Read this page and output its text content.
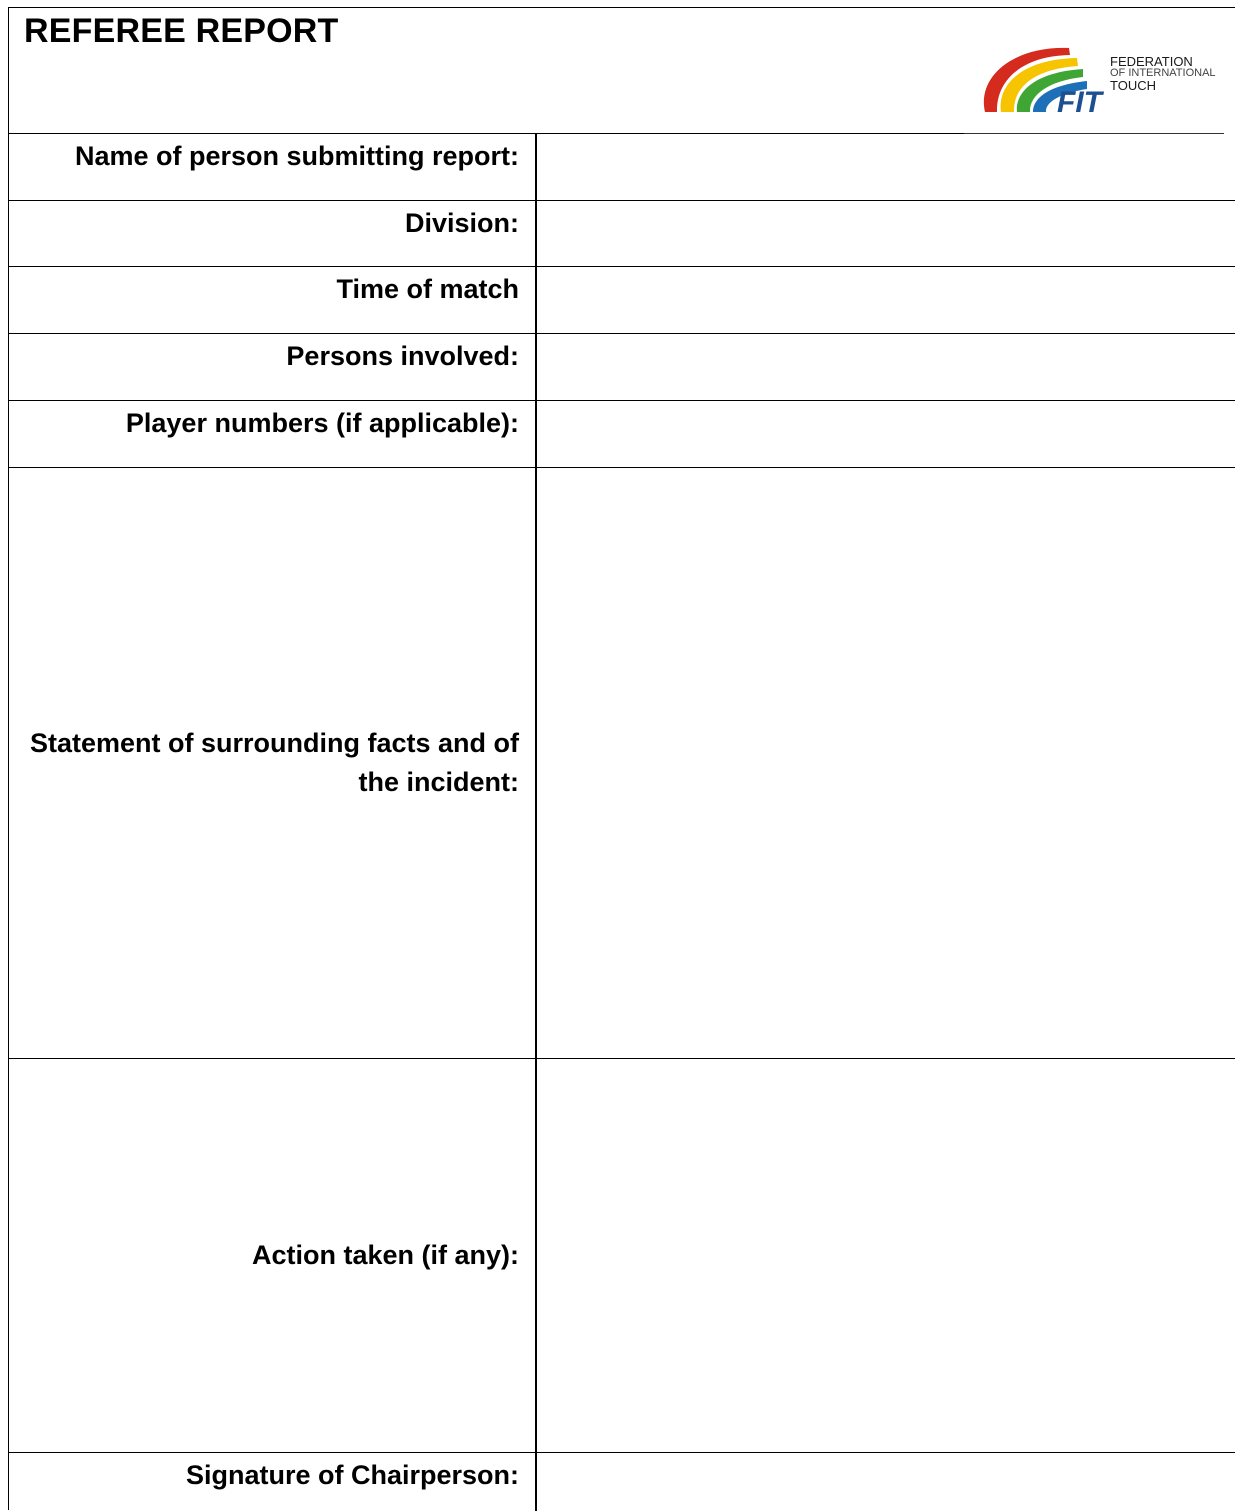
REFEREE REPORT
FIT
FEDERATION
OF INTERNATIONAL
TOUCH
Name of person submitting report:
Division:
Time of match
Persons involved:
Player numbers (if applicable):
Statement of surrounding facts and of the incident:
Action taken (if any):
Signature of Chairperson:
